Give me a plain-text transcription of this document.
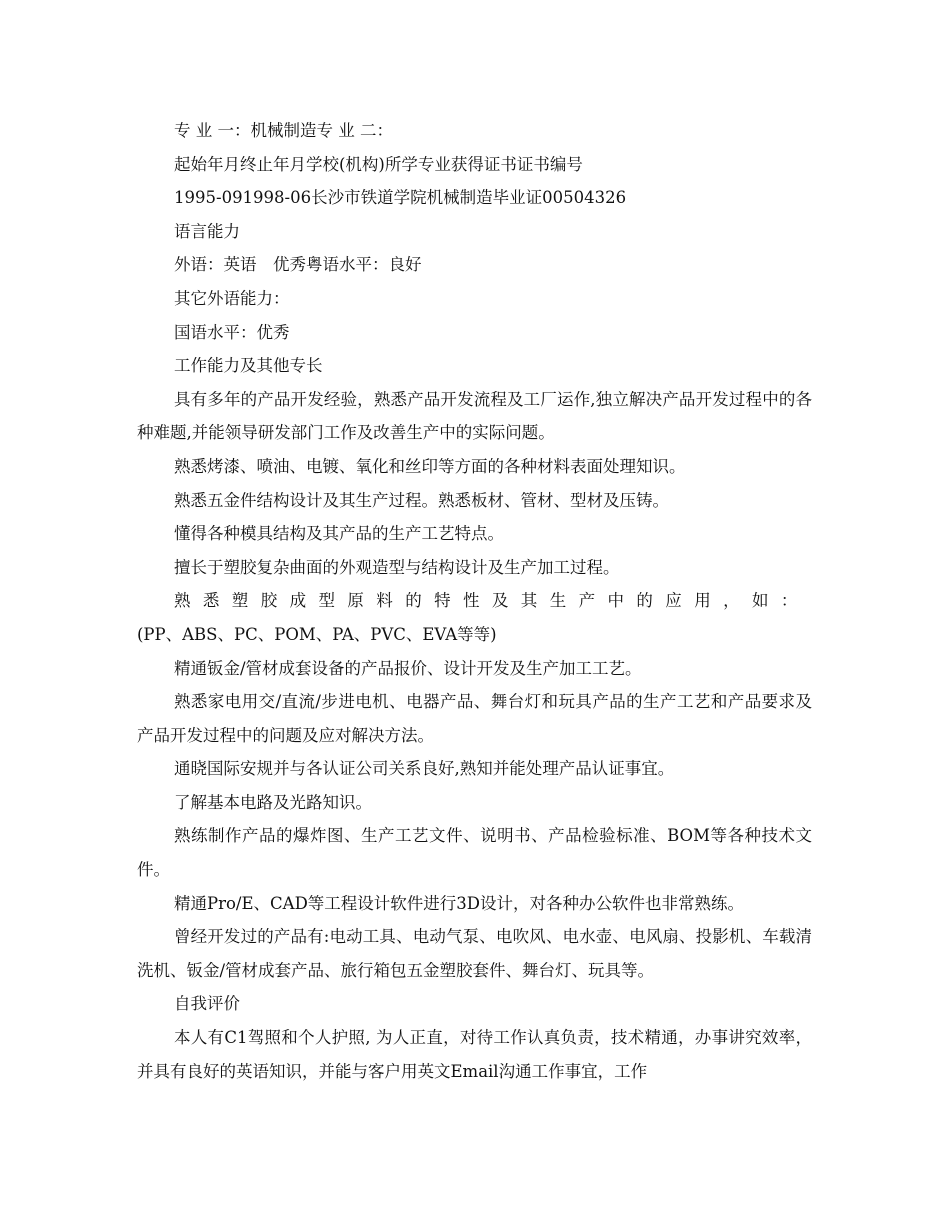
专 业 一：机械制造专 业 二：

起始年月终止年月学校(机构)所学专业获得证书证书编号

1995-091998-06长沙市铁道学院机械制造毕业证00504326

语言能力

外语：英语　优秀粤语水平：良好

其它外语能力：

国语水平：优秀

工作能力及其他专长

具有多年的产品开发经验，熟悉产品开发流程及工厂运作,独立解决产品开发过程中的各种难题,并能领导研发部门工作及改善生产中的实际问题。

熟悉烤漆、喷油、电镀、氧化和丝印等方面的各种材料表面处理知识。

熟悉五金件结构设计及其生产过程。熟悉板材、管材、型材及压铸。

懂得各种模具结构及其产品的生产工艺特点。

擅长于塑胶复杂曲面的外观造型与结构设计及生产加工过程。

熟悉塑胶成型原料的特性及其生产中的应用，如：

(PP、ABS、PC、POM、PA、PVC、EVA等等)

精通钣金/管材成套设备的产品报价、设计开发及生产加工工艺。

熟悉家电用交/直流/步进电机、电器产品、舞台灯和玩具产品的生产工艺和产品要求及产品开发过程中的问题及应对解决方法。

通晓国际安规并与各认证公司关系良好,熟知并能处理产品认证事宜。

了解基本电路及光路知识。

熟练制作产品的爆炸图、生产工艺文件、说明书、产品检验标准、BOM等各种技术文件。

精通Pro/E、CAD等工程设计软件进行3D设计，对各种办公软件也非常熟练。

曾经开发过的产品有:电动工具、电动气泵、电吹风、电水壶、电风扇、投影机、车载清洗机、钣金/管材成套产品、旅行箱包五金塑胶套件、舞台灯、玩具等。

自我评价

本人有C1驾照和个人护照, 为人正直，对待工作认真负责，技术精通，办事讲究效率，并具有良好的英语知识，并能与客户用英文Email沟通工作事宜，工作
